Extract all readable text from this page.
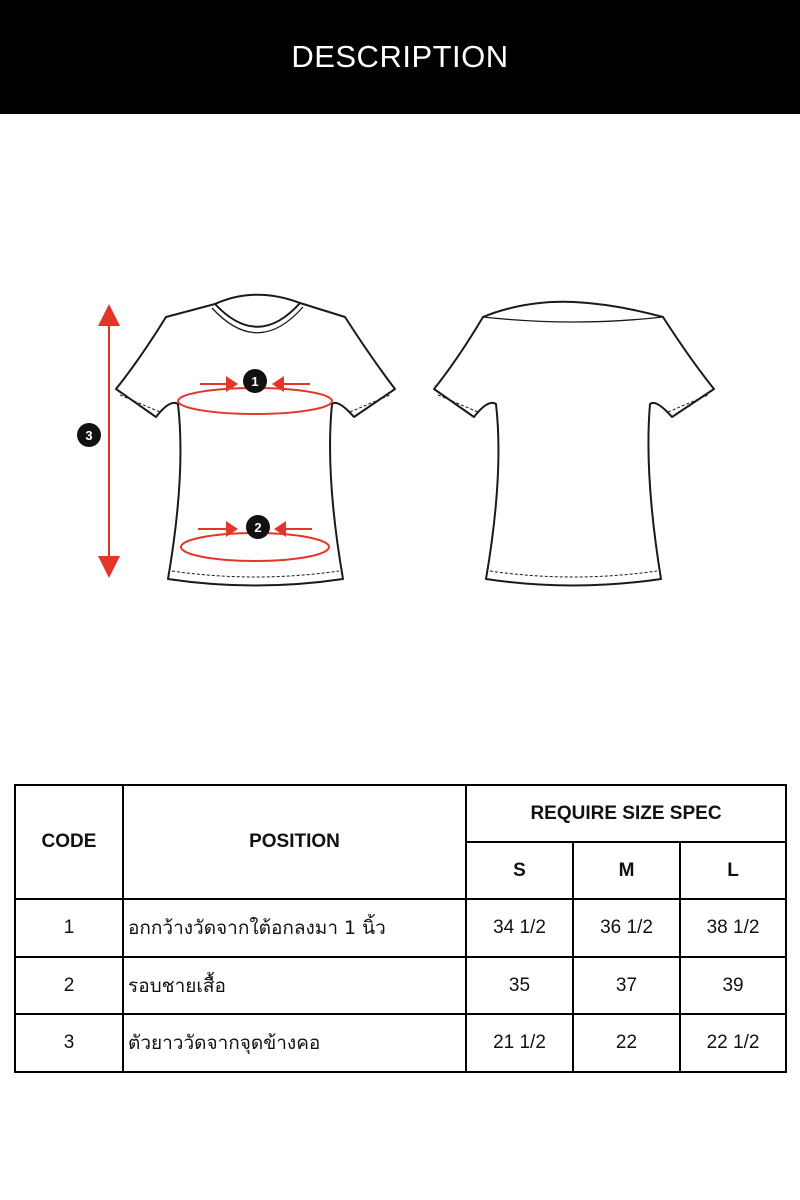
DESCRIPTION
1
2
3
CODE	POSITION	REQUIRE SIZE SPEC		
		S	M	L
1	อกกว้างวัดจากใต้อกลงมา 1 นิ้ว	34 1/2	36 1/2	38 1/2
2	รอบชายเสื้อ	35	37	39
3	ตัวยาววัดจากจุดข้างคอ	21 1/2	22	22 1/2
